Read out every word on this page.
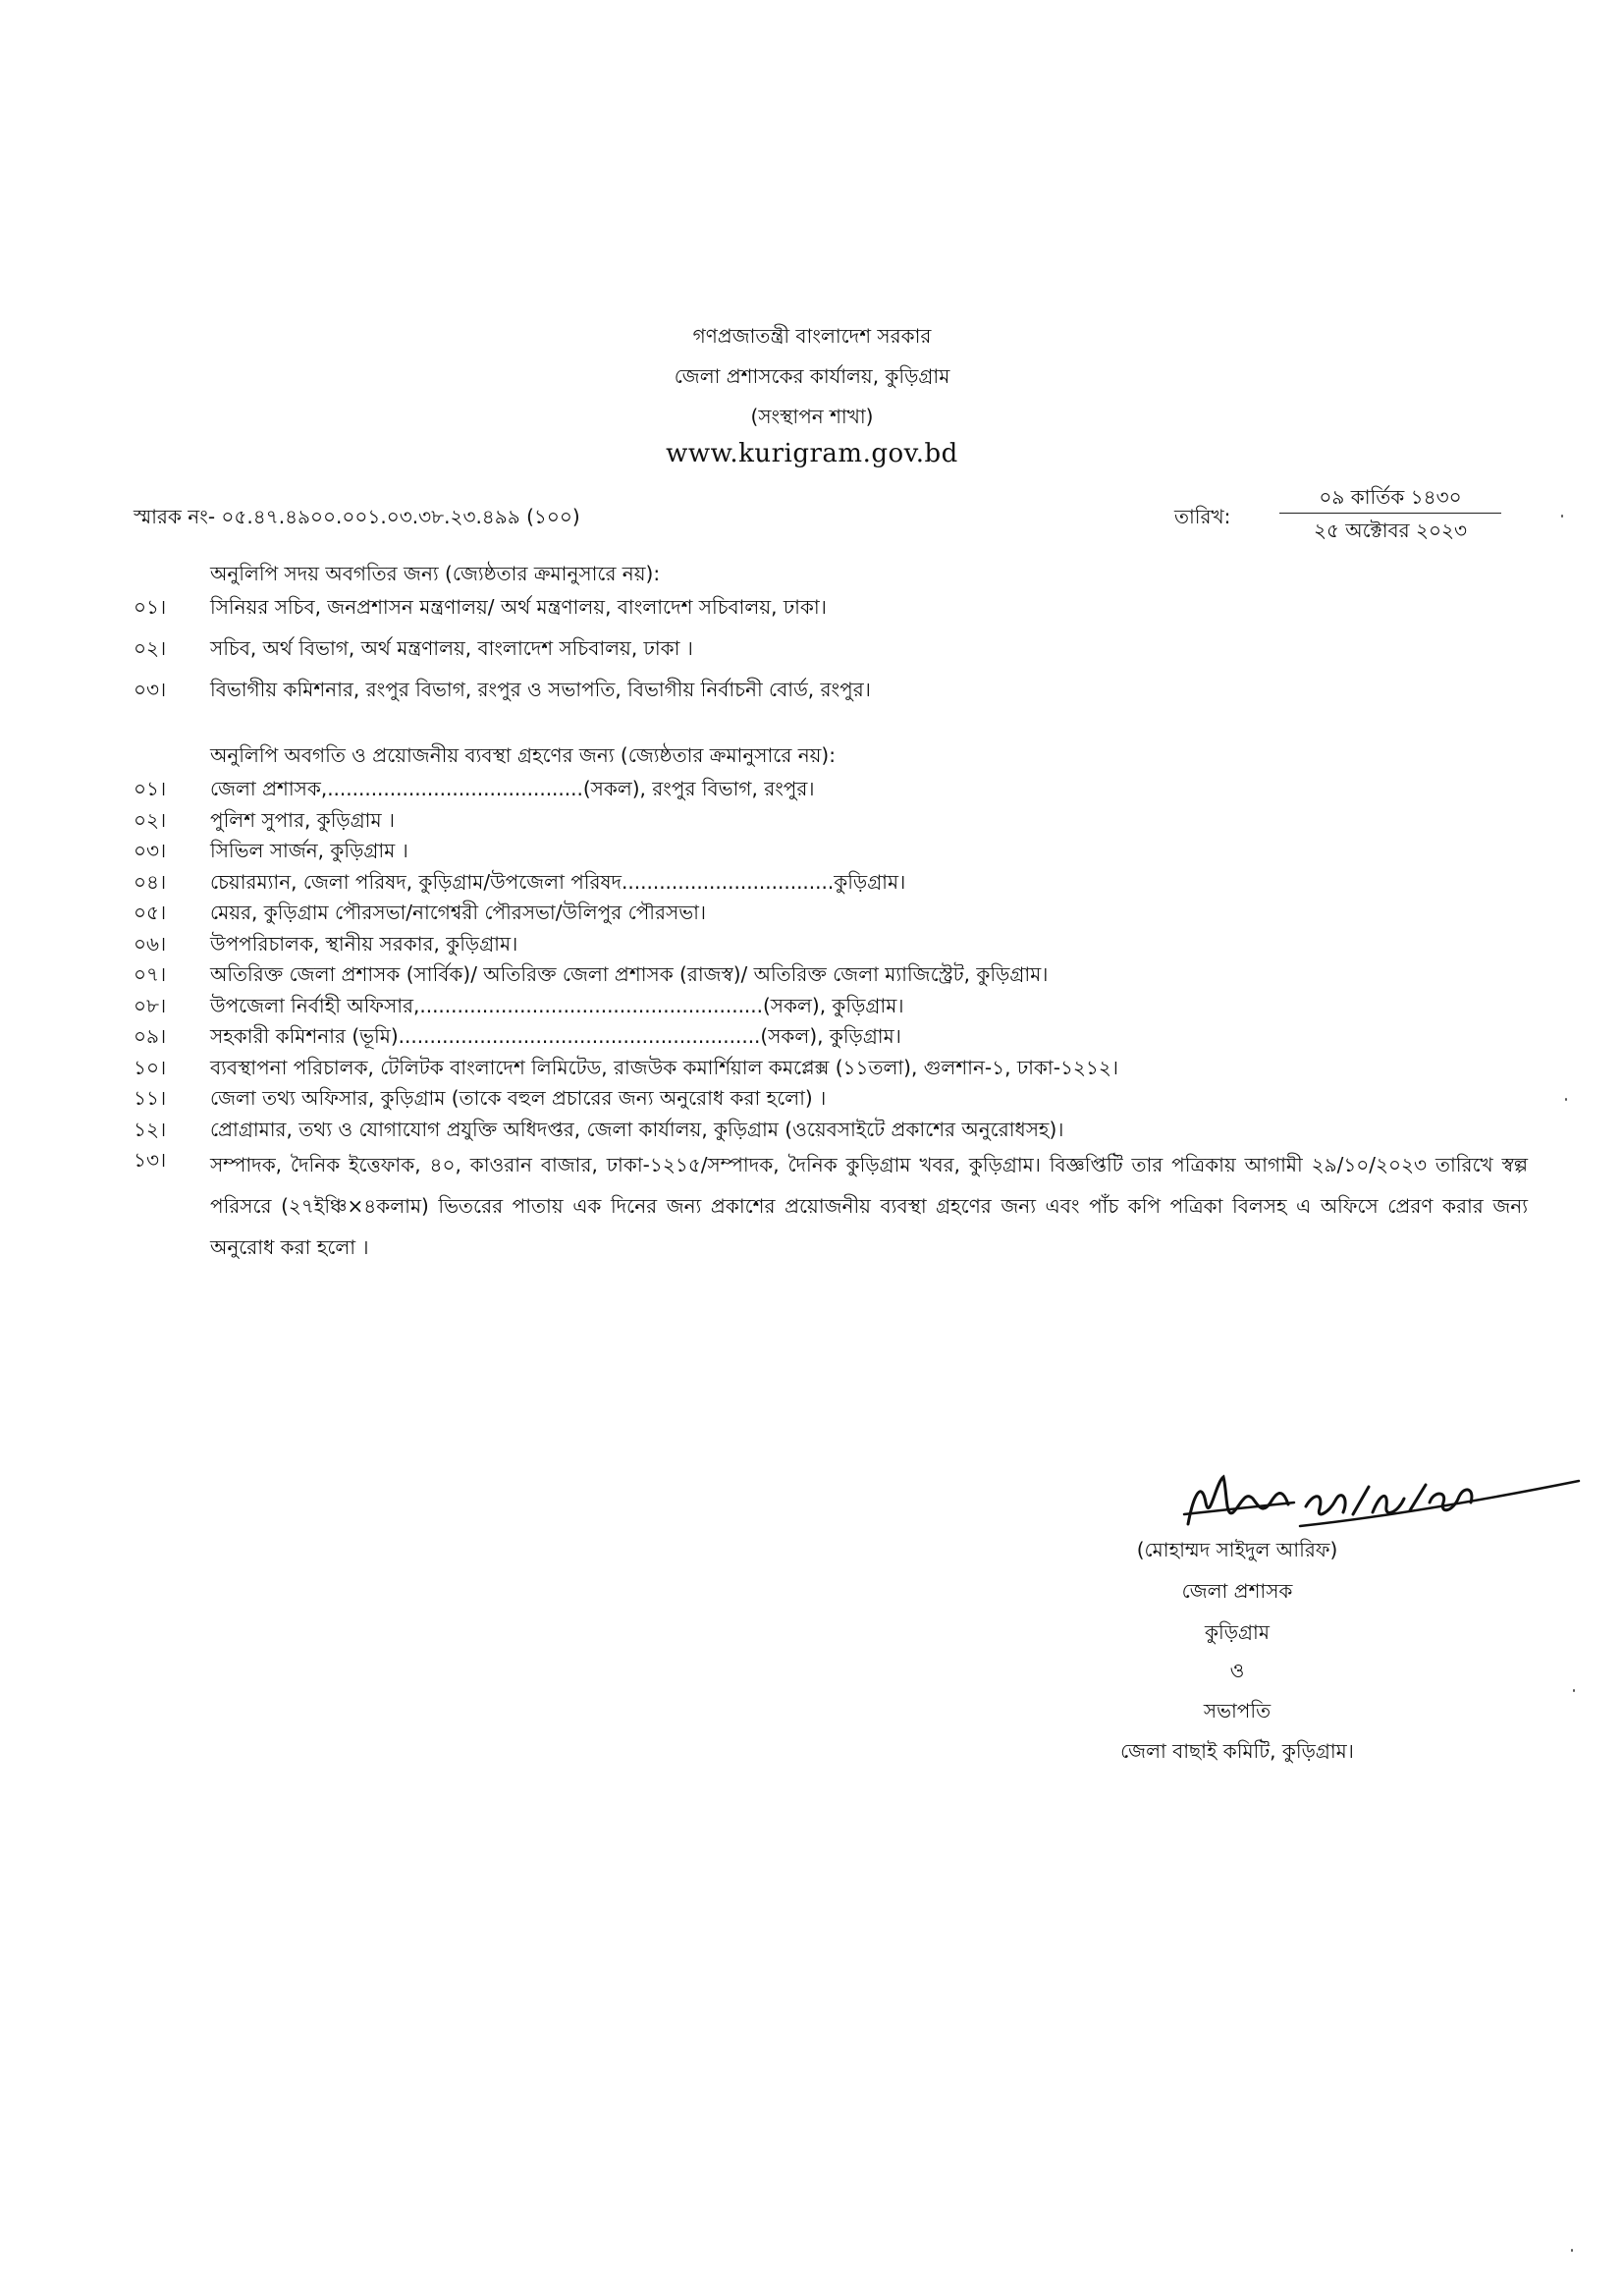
গণপ্রজাতন্ত্রী বাংলাদেশ সরকার
জেলা প্রশাসকের কার্যালয়, কুড়িগ্রাম
(সংস্থাপন শাখা)
www.kurigram.gov.bd
স্মারক নং- ০৫.৪৭.৪৯০০.০০১.০৩.৩৮.২৩.৪৯৯ (১০০)	তারিখ:
০৯ কার্তিক ১৪৩০
২৫ অক্টোবর ২০২৩
অনুলিপি সদয় অবগতির জন্য (জ্যেষ্ঠতার ক্রমানুসারে নয়):
০১।	সিনিয়র সচিব, জনপ্রশাসন মন্ত্রণালয়/ অর্থ মন্ত্রণালয়, বাংলাদেশ সচিবালয়, ঢাকা।
০২।	সচিব, অর্থ বিভাগ, অর্থ মন্ত্রণালয়, বাংলাদেশ সচিবালয়, ঢাকা ।
০৩।	বিভাগীয় কমিশনার, রংপুর বিভাগ, রংপুর ও সভাপতি, বিভাগীয় নির্বাচনী বোর্ড, রংপুর।
অনুলিপি অবগতি ও প্রয়োজনীয় ব্যবস্থা গ্রহণের জন্য (জ্যেষ্ঠতার ক্রমানুসারে নয়):
০১।	জেলা প্রশাসক,.........................................(সকল), রংপুর বিভাগ, রংপুর।
০২।	পুলিশ সুপার, কুড়িগ্রাম ।
০৩।	সিভিল সার্জন, কুড়িগ্রাম ।
০৪।	চেয়ারম্যান, জেলা পরিষদ, কুড়িগ্রাম/উপজেলা পরিষদ..................................কুড়িগ্রাম।
০৫।	মেয়র, কুড়িগ্রাম পৌরসভা/নাগেশ্বরী পৌরসভা/উলিপুর পৌরসভা।
০৬।	উপপরিচালক, স্থানীয় সরকার, কুড়িগ্রাম।
০৭।	অতিরিক্ত জেলা প্রশাসক (সার্বিক)/ অতিরিক্ত জেলা প্রশাসক (রাজস্ব)/ অতিরিক্ত জেলা ম্যাজিস্ট্রেট, কুড়িগ্রাম।
০৮।	উপজেলা নির্বাহী অফিসার,.......................................................(সকল), কুড়িগ্রাম।
০৯।	সহকারী কমিশনার (ভূমি)..........................................................(সকল), কুড়িগ্রাম।
১০।	ব্যবস্থাপনা পরিচালক, টেলিটক বাংলাদেশ লিমিটেড, রাজউক কমার্শিয়াল কমপ্লেক্স (১১তলা), গুলশান-১, ঢাকা-১২১২।
১১।	জেলা তথ্য অফিসার, কুড়িগ্রাম (তাকে বহুল প্রচারের জন্য অনুরোধ করা হলো) ।
১২।	প্রোগ্রামার, তথ্য ও যোগাযোগ প্রযুক্তি অধিদপ্তর, জেলা কার্যালয়, কুড়িগ্রাম (ওয়েবসাইটে প্রকাশের অনুরোধসহ)।
১৩।	সম্পাদক, দৈনিক ইত্তেফাক, ৪০, কাওরান বাজার, ঢাকা-১২১৫/সম্পাদক, দৈনিক কুড়িগ্রাম খবর, কুড়িগ্রাম। বিজ্ঞপ্তিটি তার পত্রিকায় আগামী ২৯/১০/২০২৩ তারিখে স্বল্প পরিসরে (২৭ইঞ্চি×৪কলাম) ভিতরের পাতায় এক দিনের জন্য প্রকাশের প্রয়োজনীয় ব্যবস্থা গ্রহণের জন্য এবং পাঁচ কপি পত্রিকা বিলসহ এ অফিসে প্রেরণ করার জন্য অনুরোধ করা হলো ।
(মোহাম্মদ সাইদুল আরিফ)
জেলা প্রশাসক
কুড়িগ্রাম
ও
সভাপতি
জেলা বাছাই কমিটি, কুড়িগ্রাম।
